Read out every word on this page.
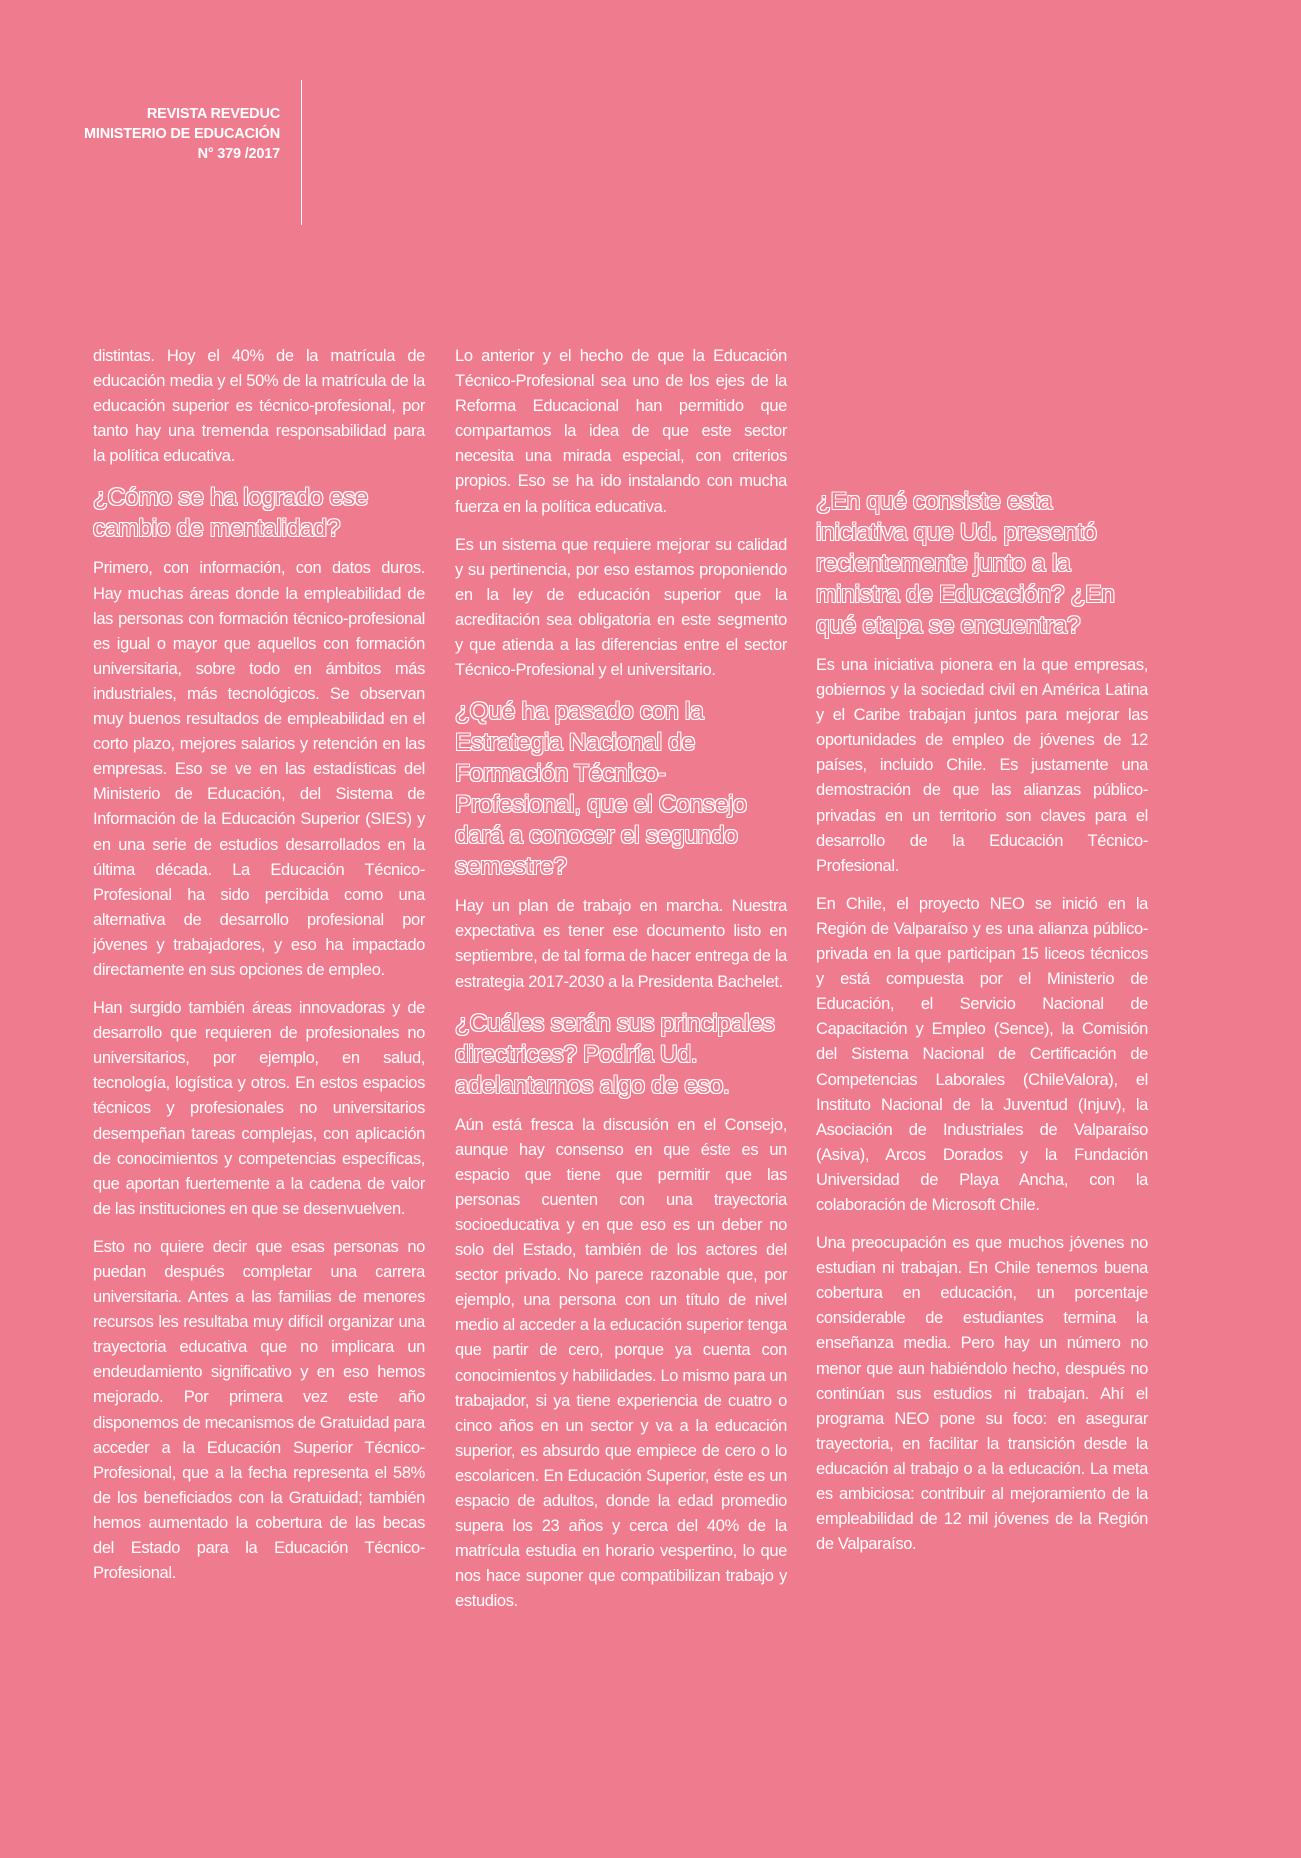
REVISTA REVEDUC
MINISTERIO DE EDUCACIÓN
N° 379 /2017

distintas. Hoy el 40% de la matrícula de educación media y el 50% de la matrícula de la educación superior es técnico-profesional, por tanto hay una tremenda responsabilidad para la política educativa.

¿Cómo se ha logrado ese cambio de mentalidad?

Primero, con información, con datos duros. Hay muchas áreas donde la empleabilidad de las personas con formación técnico-profesional es igual o mayor que aquellos con formación universitaria, sobre todo en ámbitos más industriales, más tecnológicos. Se observan muy buenos resultados de empleabilidad en el corto plazo, mejores salarios y retención en las empresas. Eso se ve en las estadísticas del Ministerio de Educación, del Sistema de Información de la Educación Superior (SIES) y en una serie de estudios desarrollados en la última década. La Educación Técnico-Profesional ha sido percibida como una alternativa de desarrollo profesional por jóvenes y trabajadores, y eso ha impactado directamente en sus opciones de empleo.

Han surgido también áreas innovadoras y de desarrollo que requieren de profesionales no universitarios, por ejemplo, en salud, tecnología, logística y otros. En estos espacios técnicos y profesionales no universitarios desempeñan tareas complejas, con aplicación de conocimientos y competencias específicas, que aportan fuertemente a la cadena de valor de las instituciones en que se desenvuelven.

Esto no quiere decir que esas personas no puedan después completar una carrera universitaria. Antes a las familias de menores recursos les resultaba muy difícil organizar una trayectoria educativa que no implicara un endeudamiento significativo y en eso hemos mejorado. Por primera vez este año disponemos de mecanismos de Gratuidad para acceder a la Educación Superior Técnico-Profesional, que a la fecha representa el 58% de los beneficiados con la Gratuidad; también hemos aumentado la cobertura de las becas del Estado para la Educación Técnico-Profesional.

Lo anterior y el hecho de que la Educación Técnico-Profesional sea uno de los ejes de la Reforma Educacional han permitido que compartamos la idea de que este sector necesita una mirada especial, con criterios propios. Eso se ha ido instalando con mucha fuerza en la política educativa.

Es un sistema que requiere mejorar su calidad y su pertinencia, por eso estamos proponiendo en la ley de educación superior que la acreditación sea obligatoria en este segmento y que atienda a las diferencias entre el sector Técnico-Profesional y el universitario.

¿Qué ha pasado con la Estrategia Nacional de Formación Técnico-Profesional, que el Consejo dará a conocer el segundo semestre?

Hay un plan de trabajo en marcha. Nuestra expectativa es tener ese documento listo en septiembre, de tal forma de hacer entrega de la estrategia 2017-2030 a la Presidenta Bachelet.

¿Cuáles serán sus principales directrices? Podría Ud. adelantarnos algo de eso.

Aún está fresca la discusión en el Consejo, aunque hay consenso en que éste es un espacio que tiene que permitir que las personas cuenten con una trayectoria socioeducativa y en que eso es un deber no solo del Estado, también de los actores del sector privado. No parece razonable que, por ejemplo, una persona con un título de nivel medio al acceder a la educación superior tenga que partir de cero, porque ya cuenta con conocimientos y habilidades. Lo mismo para un trabajador, si ya tiene experiencia de cuatro o cinco años en un sector y va a la educación superior, es absurdo que empiece de cero o lo escolaricen. En Educación Superior, éste es un espacio de adultos, donde la edad promedio supera los 23 años y cerca del 40% de la matrícula estudia en horario vespertino, lo que nos hace suponer que compatibilizan trabajo y estudios.

¿En qué consiste esta iniciativa que Ud. presentó recientemente junto a la ministra de Educación? ¿En qué etapa se encuentra?

Es una iniciativa pionera en la que empresas, gobiernos y la sociedad civil en América Latina y el Caribe trabajan juntos para mejorar las oportunidades de empleo de jóvenes de 12 países, incluido Chile. Es justamente una demostración de que las alianzas público-privadas en un territorio son claves para el desarrollo de la Educación Técnico-Profesional.

En Chile, el proyecto NEO se inició en la Región de Valparaíso y es una alianza público-privada en la que participan 15 liceos técnicos y está compuesta por el Ministerio de Educación, el Servicio Nacional de Capacitación y Empleo (Sence), la Comisión del Sistema Nacional de Certificación de Competencias Laborales (ChileValora), el Instituto Nacional de la Juventud (Injuv), la Asociación de Industriales de Valparaíso (Asiva), Arcos Dorados y la Fundación Universidad de Playa Ancha, con la colaboración de Microsoft Chile.

Una preocupación es que muchos jóvenes no estudian ni trabajan. En Chile tenemos buena cobertura en educación, un porcentaje considerable de estudiantes termina la enseñanza media. Pero hay un número no menor que aun habiéndolo hecho, después no continúan sus estudios ni trabajan. Ahí el programa NEO pone su foco: en asegurar trayectoria, en facilitar la transición desde la educación al trabajo o a la educación. La meta es ambiciosa: contribuir al mejoramiento de la empleabilidad de 12 mil jóvenes de la Región de Valparaíso.
